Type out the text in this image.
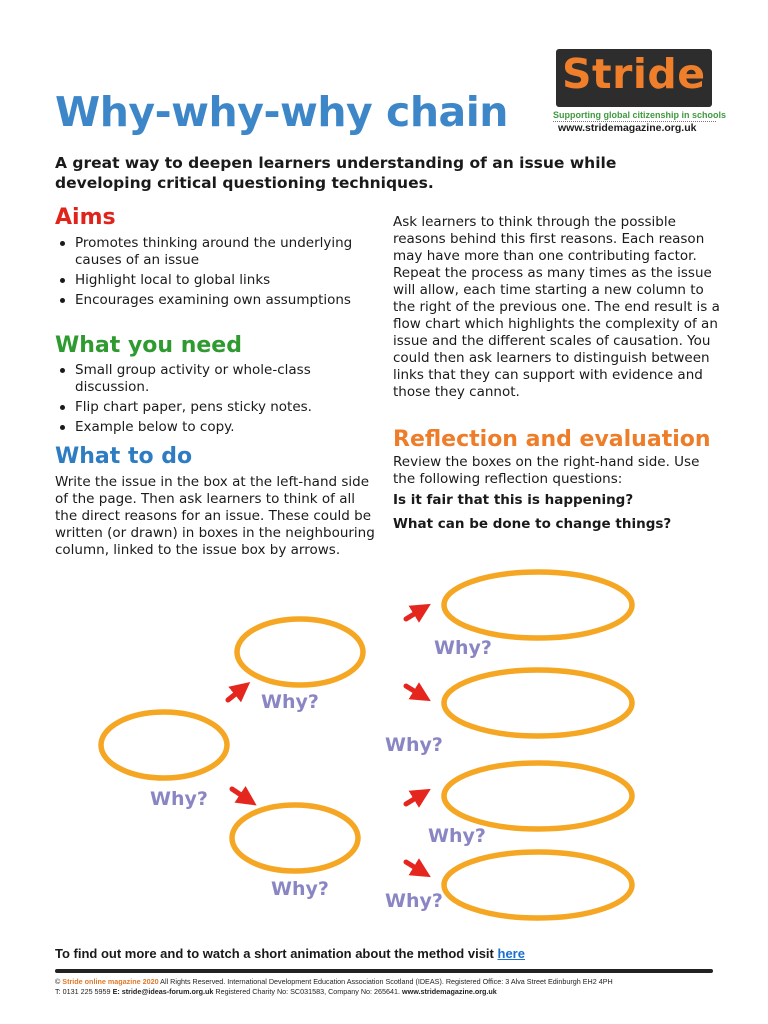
Why-why-why chain
Stride
Supporting global citizenship in schools
www.stridemagazine.org.uk
A great way to deepen learners understanding of an issue while developing critical questioning techniques.
Aims
Promotes thinking around the underlying causes of an issue
Highlight local to global links
Encourages examining own assumptions
What you need
Small group activity or whole-class discussion.
Flip chart paper, pens sticky notes.
Example below to copy.
What to do
Write the issue in the box at the left-hand side of the page. Then ask learners to think of all the direct reasons for an issue. These could be written (or drawn) in boxes in the neighbouring column, linked to the issue box by arrows.
Ask learners to think through the possible reasons behind this first reasons. Each reason may have more than one contributing factor. Repeat the process as many times as the issue will allow, each time starting a new column to the right of the previous one. The end result is a flow chart which highlights the complexity of an issue and the different scales of causation. You could then ask learners to distinguish between links that they can support with evidence and those they cannot.
Reflection and evaluation
Review the boxes on the right-hand side. Use the following reflection questions:
Is it fair that this is happening?
What can be done to change things?
Why?
Why?
Why?
Why?
Why?
Why?
Why?
To find out more and to watch a short animation about the method visit here
© Stride online magazine 2020 All Rights Reserved. International Development Education Association Scotland (IDEAS). Registered Office: 3 Alva Street Edinburgh EH2 4PH
T: 0131 225 5959 E: stride@ideas-forum.org.uk Registered Charity No: SC031583, Company No: 265641. www.stridemagazine.org.uk
